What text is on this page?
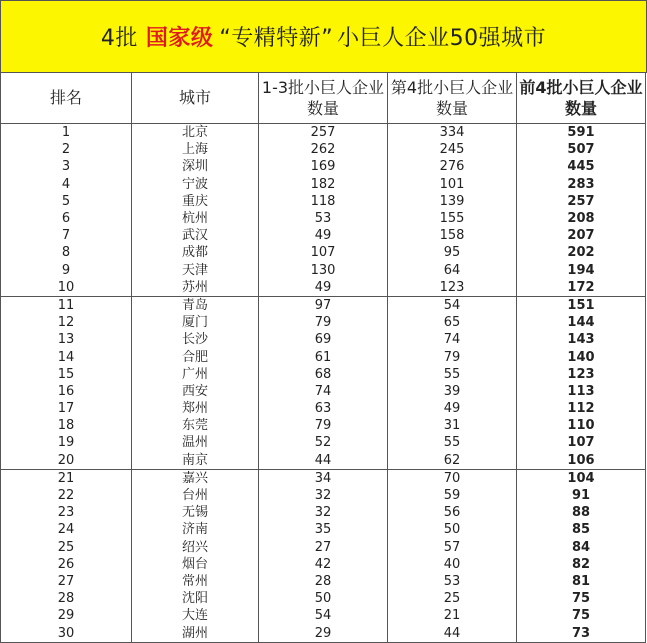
4批 国家级 “专精特新” 小巨人企业50强城市
排名	城市	1-3批小巨人企业数量	第4批小巨人企业数量	前4批小巨人企业数量
1	北京	257	334	591
2	上海	262	245	507
3	深圳	169	276	445
4	宁波	182	101	283
5	重庆	118	139	257
6	杭州	53	155	208
7	武汉	49	158	207
8	成都	107	95	202
9	天津	130	64	194
10	苏州	49	123	172
11	青岛	97	54	151
12	厦门	79	65	144
13	长沙	69	74	143
14	合肥	61	79	140
15	广州	68	55	123
16	西安	74	39	113
17	郑州	63	49	112
18	东莞	79	31	110
19	温州	52	55	107
20	南京	44	62	106
21	嘉兴	34	70	104
22	台州	32	59	91
23	无锡	32	56	88
24	济南	35	50	85
25	绍兴	27	57	84
26	烟台	42	40	82
27	常州	28	53	81
28	沈阳	50	25	75
29	大连	54	21	75
30	湖州	29	44	73
